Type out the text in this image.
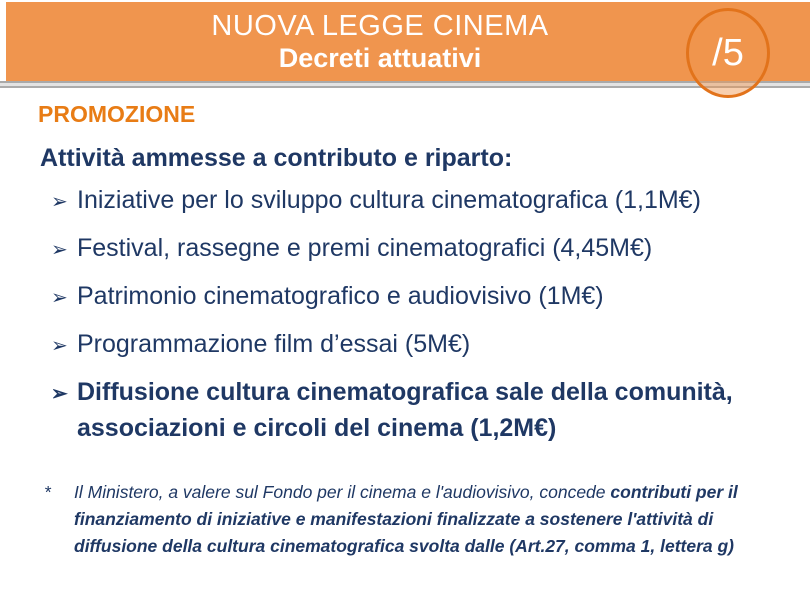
NUOVA LEGGE CINEMA
Decreti attuativi	/5
PROMOZIONE
Attività ammesse a contributo e riparto:
➢ Iniziative per lo sviluppo cultura cinematografica (1,1M€)
➢ Festival, rassegne e premi cinematografici (4,45M€)
➢ Patrimonio cinematografico e audiovisivo (1M€)
➢ Programmazione film d’essai (5M€)
➢ Diffusione cultura cinematografica sale della comunità, associazioni e circoli del cinema (1,2M€)
*	Il Ministero, a valere sul Fondo per il cinema e l'audiovisivo, concede contributi per il finanziamento di iniziative e manifestazioni finalizzate a sostenere l'attività di diffusione della cultura cinematografica svolta dalle (Art.27, comma 1, lettera g)
